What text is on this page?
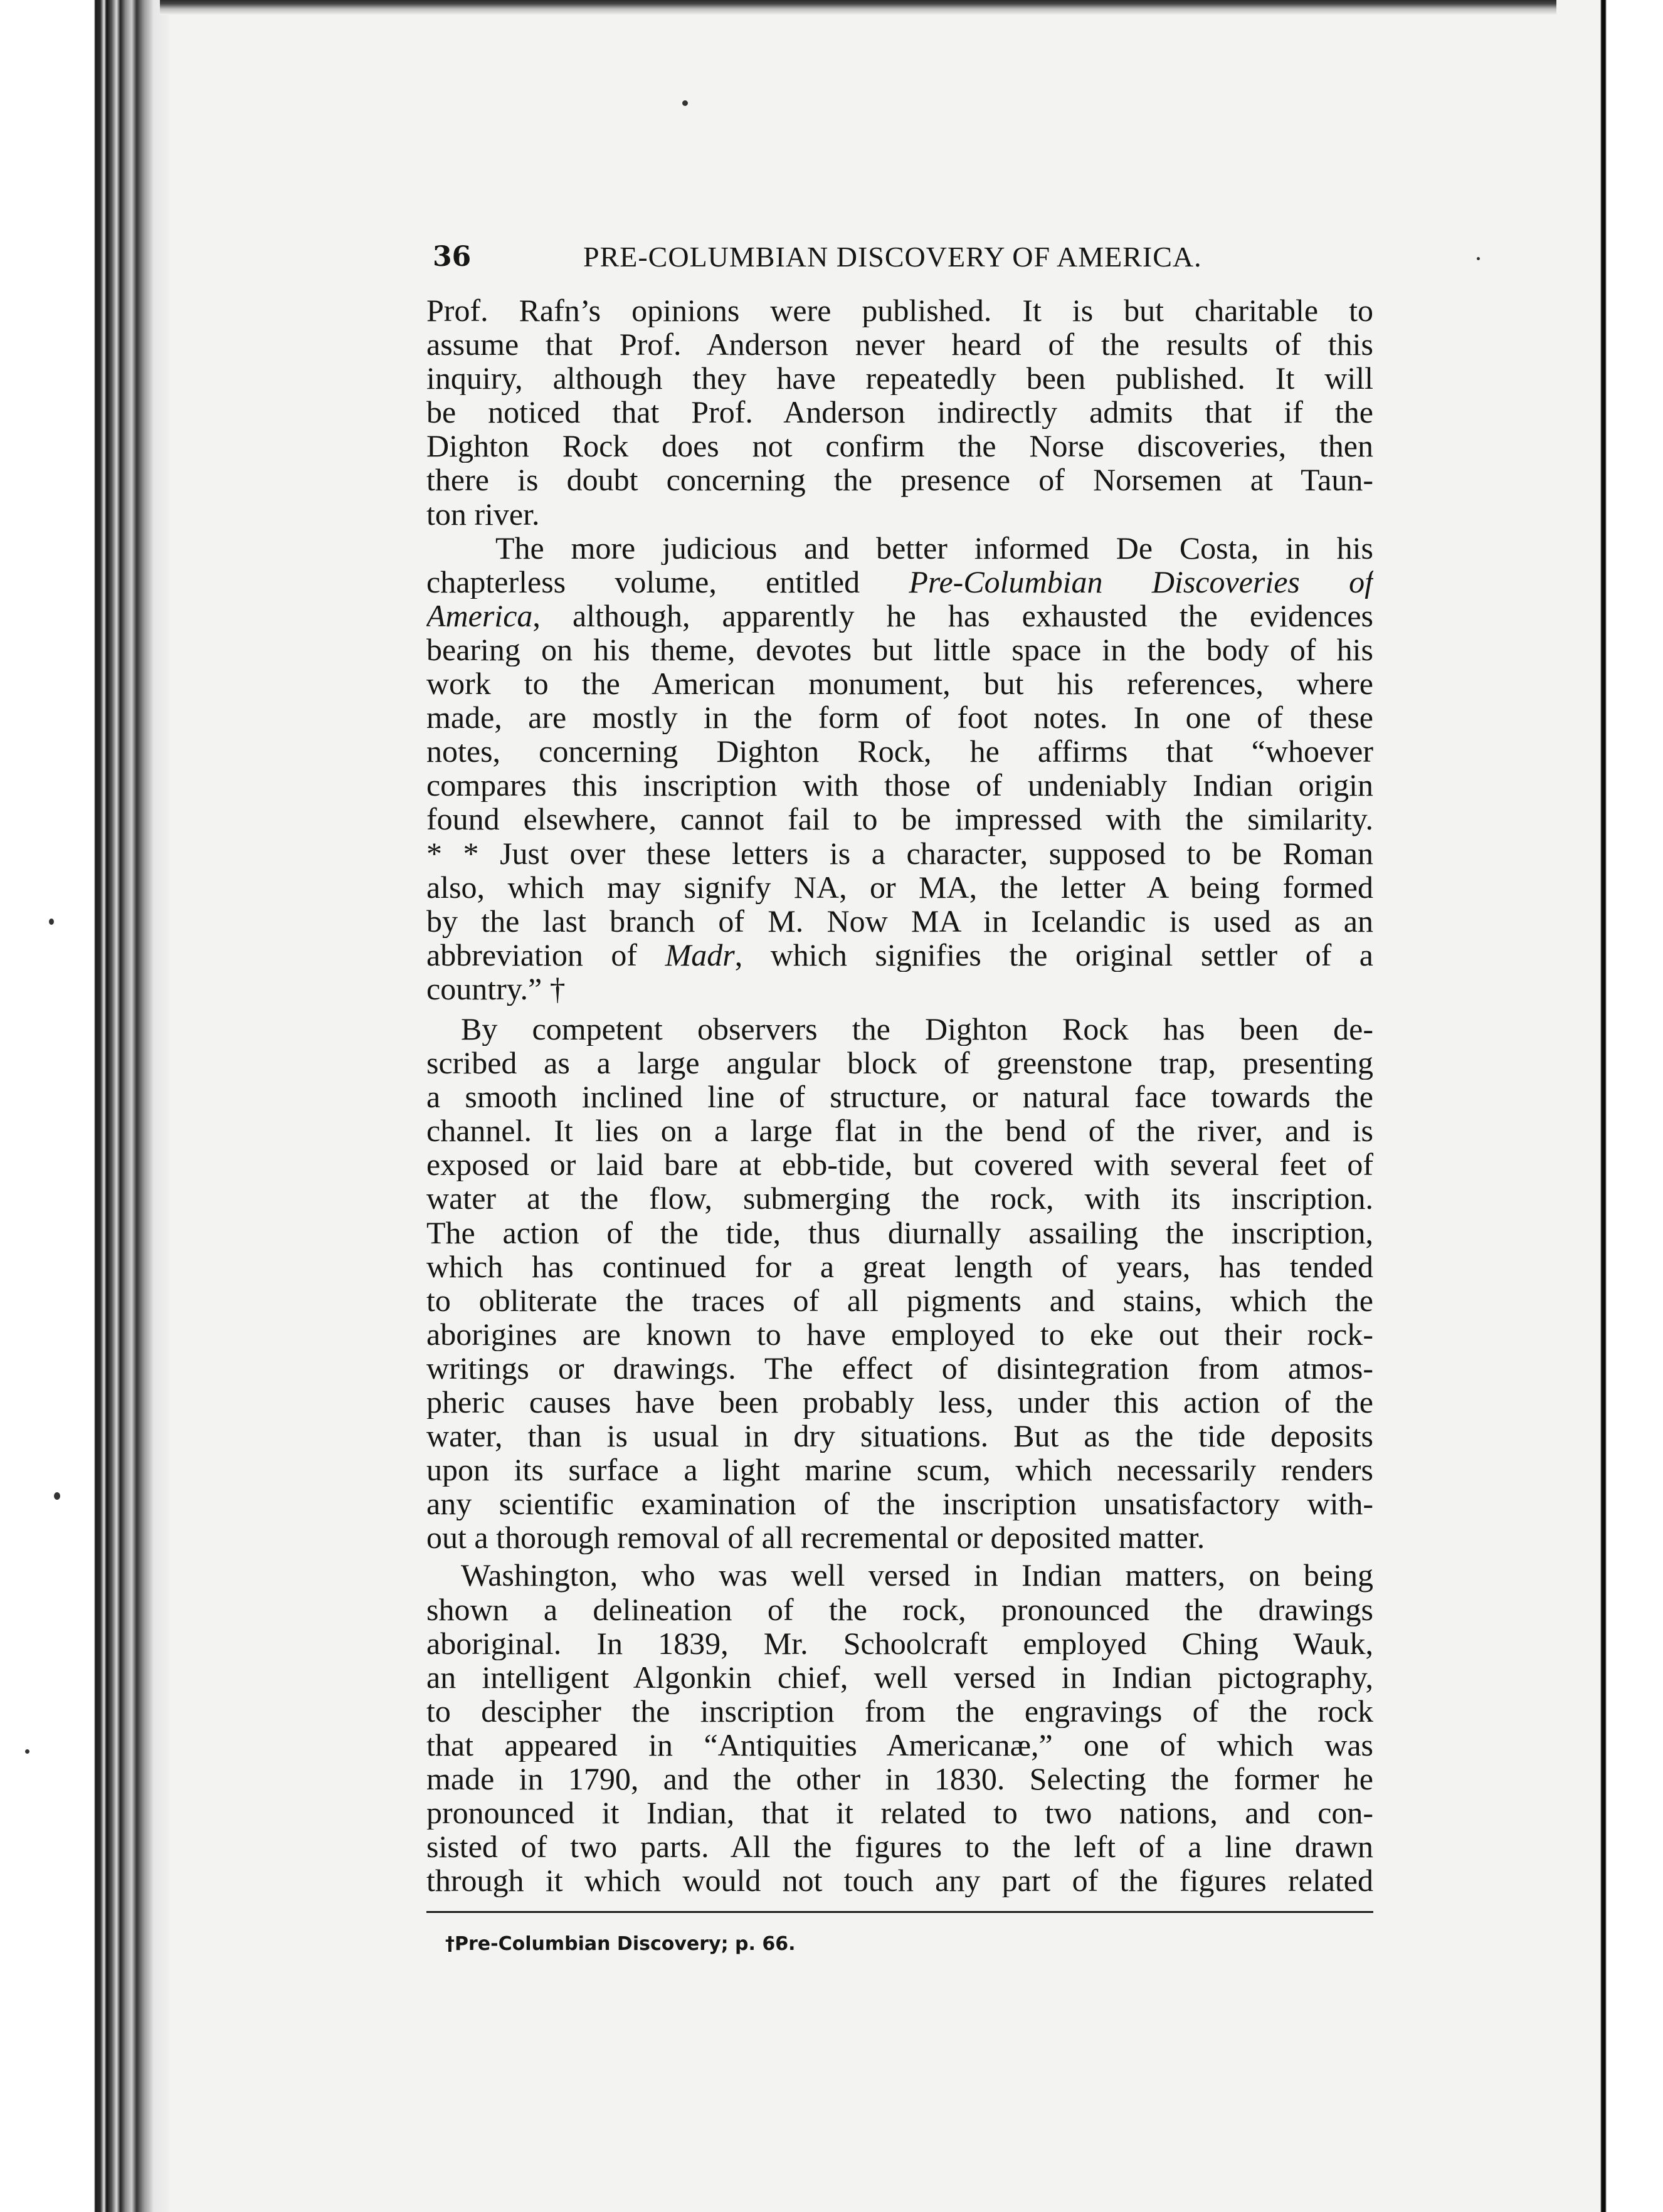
36	PRE-COLUMBIAN DISCOVERY OF AMERICA.
Prof. Rafn’s opinions were published. It is but charitable to
assume that Prof. Anderson never heard of the results of this
inquiry, although they have repeatedly been published. It will
be noticed that Prof. Anderson indirectly admits that if the
Dighton Rock does not confirm the Norse discoveries, then
there is doubt concerning the presence of Norsemen at Taun-
ton river.
The more judicious and better informed De Costa, in his
chapterless volume, entitled Pre-Columbian Discoveries of
America, although, apparently he has exhausted the evidences
bearing on his theme, devotes but little space in the body of his
work to the American monument, but his references, where
made, are mostly in the form of foot notes. In one of these
notes, concerning Dighton Rock, he affirms that “whoever
compares this inscription with those of undeniably Indian origin
found elsewhere, cannot fail to be impressed with the similarity.
* * Just over these letters is a character, supposed to be Roman
also, which may signify NA, or MA, the letter A being formed
by the last branch of M. Now MA in Icelandic is used as an
abbreviation of Madr, which signifies the original settler of a
country.” †
By competent observers the Dighton Rock has been de-
scribed as a large angular block of greenstone trap, presenting
a smooth inclined line of structure, or natural face towards the
channel. It lies on a large flat in the bend of the river, and is
exposed or laid bare at ebb-tide, but covered with several feet of
water at the flow, submerging the rock, with its inscription.
The action of the tide, thus diurnally assailing the inscription,
which has continued for a great length of years, has tended
to obliterate the traces of all pigments and stains, which the
aborigines are known to have employed to eke out their rock-
writings or drawings. The effect of disintegration from atmos-
pheric causes have been probably less, under this action of the
water, than is usual in dry situations. But as the tide deposits
upon its surface a light marine scum, which necessarily renders
any scientific examination of the inscription unsatisfactory with-
out a thorough removal of all recremental or deposited matter.
Washington, who was well versed in Indian matters, on being
shown a delineation of the rock, pronounced the drawings
aboriginal. In 1839, Mr. Schoolcraft employed Ching Wauk,
an intelligent Algonkin chief, well versed in Indian pictography,
to descipher the inscription from the engravings of the rock
that appeared in “Antiquities Americanæ,” one of which was
made in 1790, and the other in 1830. Selecting the former he
pronounced it Indian, that it related to two nations, and con-
sisted of two parts. All the figures to the left of a line drawn
through it which would not touch any part of the figures related
†Pre-Columbian Discovery; p. 66.
